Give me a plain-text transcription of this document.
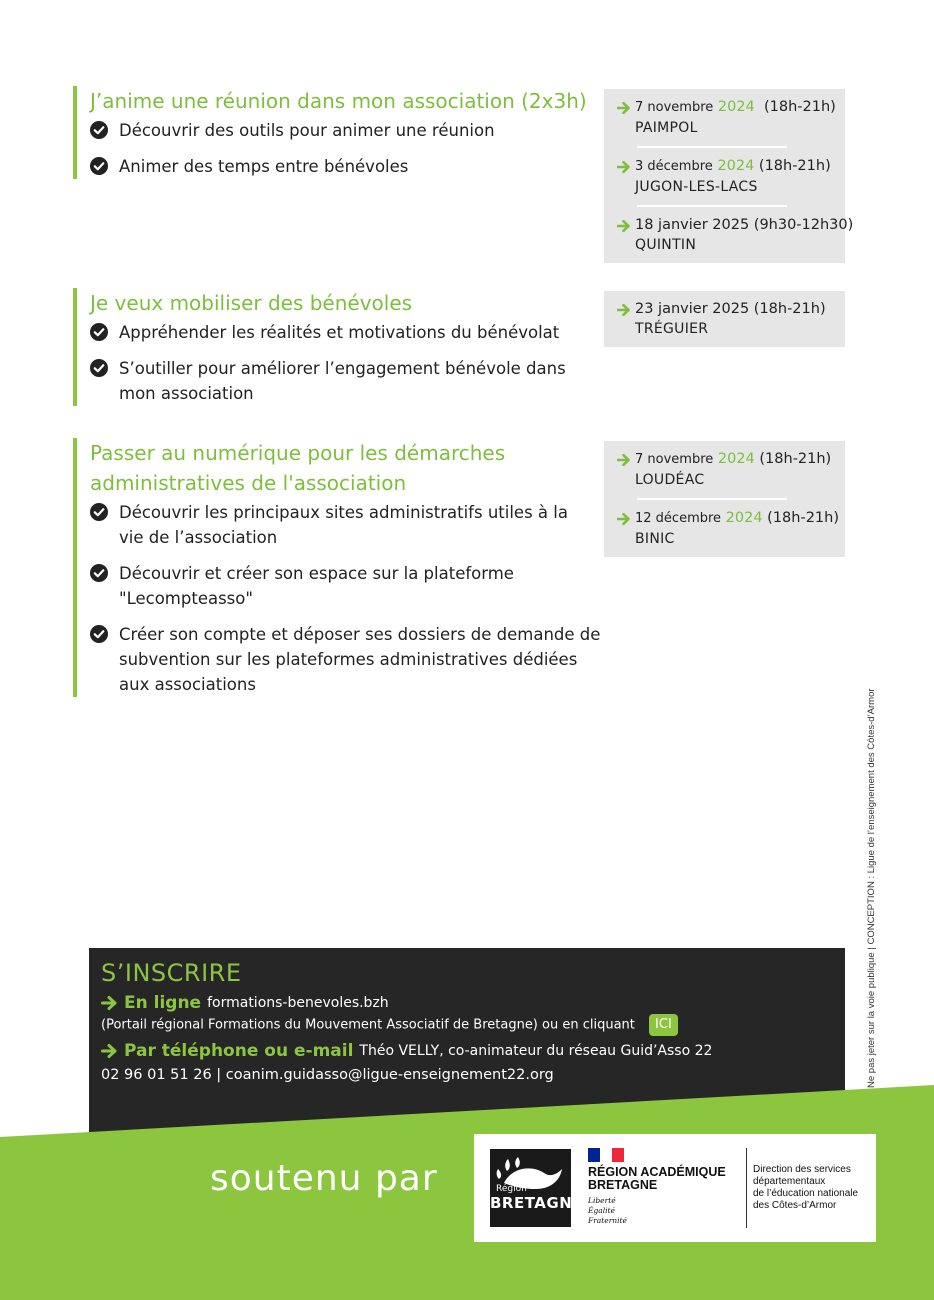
J’anime une réunion dans mon association (2x3h)
Découvrir des outils pour animer une réunion
Animer des temps entre bénévoles
7 novembre 2024 (18h-21h)
PAIMPOL
3 décembre 2024 (18h-21h)
JUGON-LES-LACS
18 janvier 2025 (9h30-12h30)
QUINTIN
Je veux mobiliser des bénévoles
Appréhender les réalités et motivations du bénévolat
S’outiller pour améliorer l’engagement bénévole dans
mon association
23 janvier 2025 (18h-21h)
TRÉGUIER
Passer au numérique pour les démarches
administratives de l'association
Découvrir les principaux sites administratifs utiles à la
vie de l’association
Découvrir et créer son espace sur la plateforme
"Lecompteasso"
Créer son compte et déposer ses dossiers de demande de
subvention sur les plateformes administratives dédiées
aux associations
7 novembre 2024 (18h-21h)
LOUDÉAC
12 décembre 2024 (18h-21h)
BINIC
Ne pas jeter sur la voie publique | CONCEPTION : Ligue de l’enseignement des Côtes-d’Armor
S’INSCRIRE
En ligne formations-benevoles.bzh
(Portail régional Formations du Mouvement Associatif de Bretagne) ou en cliquant ICI
Par téléphone ou e-mail Théo VELLY, co-animateur du réseau Guid’Asso 22
02 96 01 51 26 | coanim.guidasso@ligue-enseignement22.org
soutenu par	Région
BRETAGNE
RÉGION ACADÉMIQUE
BRETAGNE
Liberté
Égalité
Fraternité
Direction des services
départementaux
de l’éducation nationale
des Côtes-d’Armor
